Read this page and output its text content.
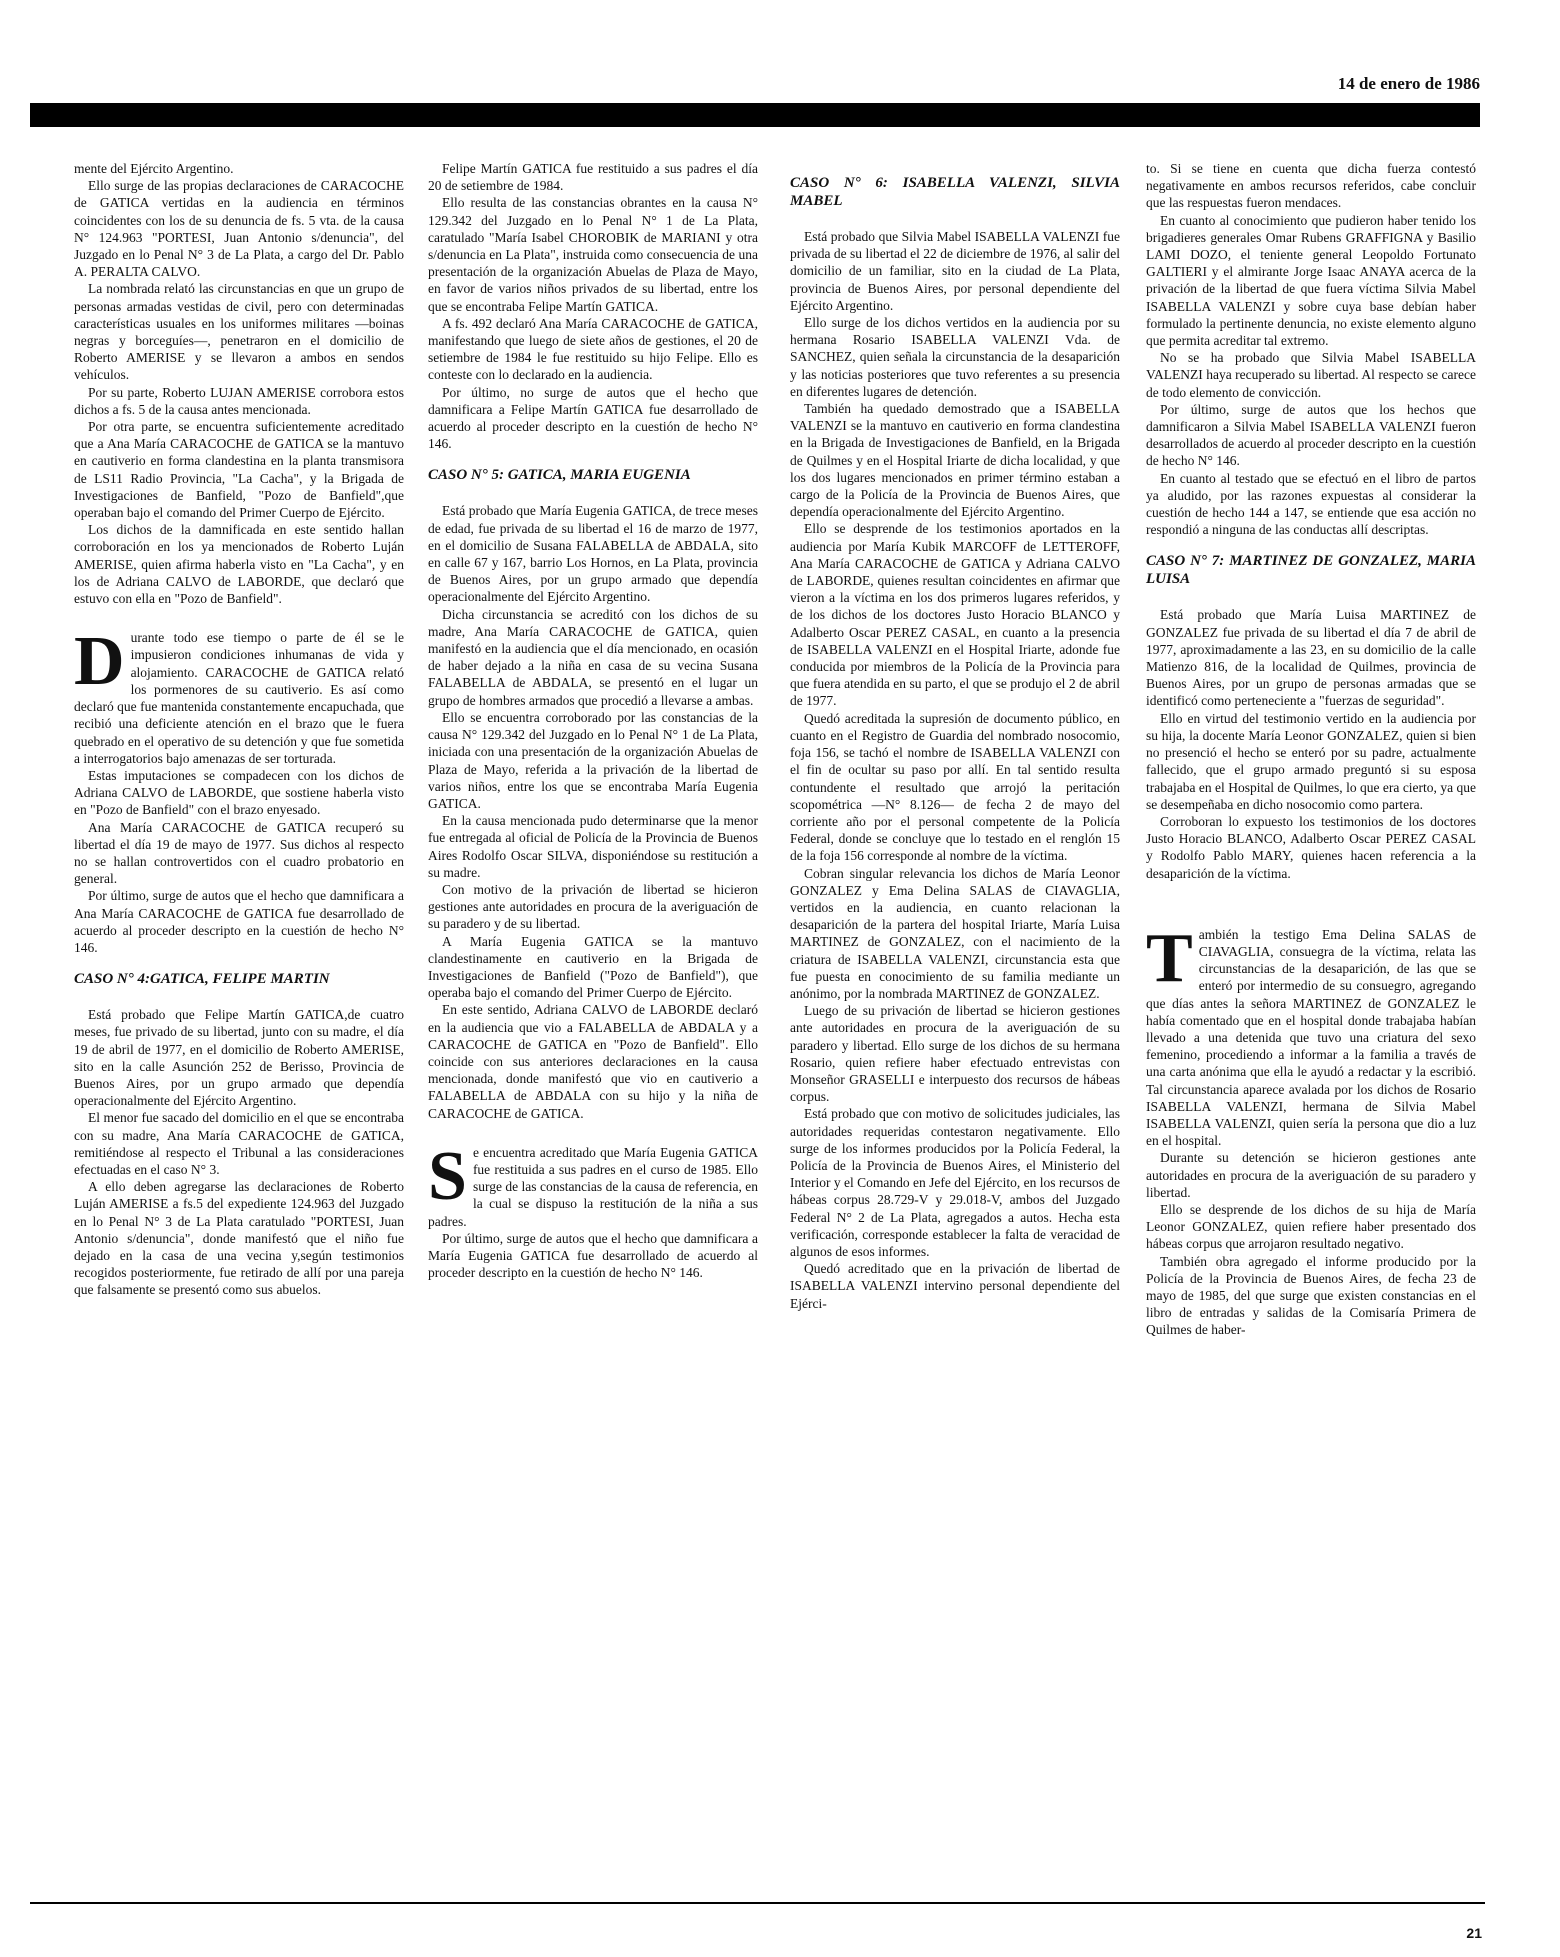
14 de enero de 1986

mente del Ejército Argentino.

Ello surge de las propias declaraciones de CARACOCHE de GATICA vertidas en la audiencia en términos coincidentes con los de su denuncia de fs. 5 vta. de la causa N° 124.963 "PORTESI, Juan Antonio s/denuncia", del Juzgado en lo Penal N° 3 de La Plata, a cargo del Dr. Pablo A. PERALTA CALVO.

La nombrada relató las circunstancias en que un grupo de personas armadas vestidas de civil, pero con determinadas características usuales en los uniformes militares —boinas negras y borceguíes—, penetraron en el domicilio de Roberto AMERISE y se llevaron a ambos en sendos vehículos.

Por su parte, Roberto LUJAN AMERISE corrobora estos dichos a fs. 5 de la causa antes mencionada.

Por otra parte, se encuentra suficientemente acreditado que a Ana María CARACOCHE de GATICA se la mantuvo en cautiverio en forma clandestina en la planta transmisora de LS11 Radio Provincia, "La Cacha", y la Brigada de Investigaciones de Banfield, "Pozo de Banfield",que operaban bajo el comando del Primer Cuerpo de Ejército.

Los dichos de la damnificada en este sentido hallan corroboración en los ya mencionados de Roberto Luján AMERISE, quien afirma haberla visto en "La Cacha", y en los de Adriana CALVO de LABORDE, que declaró que estuvo con ella en "Pozo de Banfield".

Durante todo ese tiempo o parte de él se le impusieron condiciones inhumanas de vida y alojamiento. CARACOCHE de GATICA relató los pormenores de su cautiverio. Es así como declaró que fue mantenida constantemente encapuchada, que recibió una deficiente atención en el brazo que le fuera quebrado en el operativo de su detención y que fue sometida a interrogatorios bajo amenazas de ser torturada.

Estas imputaciones se compadecen con los dichos de Adriana CALVO de LABORDE, que sostiene haberla visto en "Pozo de Banfield" con el brazo enyesado.

Ana María CARACOCHE de GATICA recuperó su libertad el día 19 de mayo de 1977. Sus dichos al respecto no se hallan controvertidos con el cuadro probatorio en general.

Por último, surge de autos que el hecho que damnificara a Ana María CARACOCHE de GATICA fue desarrollado de acuerdo al proceder descripto en la cuestión de hecho N° 146.

CASO N° 4:GATICA, FELIPE MARTIN

Está probado que Felipe Martín GATICA,de cuatro meses, fue privado de su libertad, junto con su madre, el día 19 de abril de 1977, en el domicilio de Roberto AMERISE, sito en la calle Asunción 252 de Berisso, Provincia de Buenos Aires, por un grupo armado que dependía operacionalmente del Ejército Argentino.

El menor fue sacado del domicilio en el que se encontraba con su madre, Ana María CARACOCHE de GATICA, remitiéndose al respecto el Tribunal a las consideraciones efectuadas en el caso N° 3.

A ello deben agregarse las declaraciones de Roberto Luján AMERISE a fs.5 del expediente 124.963 del Juzgado en lo Penal N° 3 de La Plata caratulado "PORTESI, Juan Antonio s/denuncia", donde manifestó que el niño fue dejado en la casa de una vecina y,según testimonios recogidos posteriormente, fue retirado de allí por una pareja que falsamente se presentó como sus abuelos.

Felipe Martín GATICA fue restituido a sus padres el día 20 de setiembre de 1984.

Ello resulta de las constancias obrantes en la causa N° 129.342 del Juzgado en lo Penal N° 1 de La Plata, caratulado "María Isabel CHOROBIK de MARIANI y otra s/denuncia en La Plata", instruida como consecuencia de una presentación de la organización Abuelas de Plaza de Mayo, en favor de varios niños privados de su libertad, entre los que se encontraba Felipe Martín GATICA.

A fs. 492 declaró Ana María CARACOCHE de GATICA, manifestando que luego de siete años de gestiones, el 20 de setiembre de 1984 le fue restituido su hijo Felipe. Ello es conteste con lo declarado en la audiencia.

Por último, no surge de autos que el hecho que damnificara a Felipe Martín GATICA fue desarrollado de acuerdo al proceder descripto en la cuestión de hecho N° 146.

CASO N° 5: GATICA, MARIA EUGENIA

Está probado que María Eugenia GATICA, de trece meses de edad, fue privada de su libertad el 16 de marzo de 1977, en el domicilio de Susana FALABELLA de ABDALA, sito en calle 67 y 167, barrio Los Hornos, en La Plata, provincia de Buenos Aires, por un grupo armado que dependía operacionalmente del Ejército Argentino.

Dicha circunstancia se acreditó con los dichos de su madre, Ana María CARACOCHE de GATICA, quien manifestó en la audiencia que el día mencionado, en ocasión de haber dejado a la niña en casa de su vecina Susana FALABELLA de ABDALA, se presentó en el lugar un grupo de hombres armados que procedió a llevarse a ambas.

Ello se encuentra corroborado por las constancias de la causa N° 129.342 del Juzgado en lo Penal N° 1 de La Plata, iniciada con una presentación de la organización Abuelas de Plaza de Mayo, referida a la privación de la libertad de varios niños, entre los que se encontraba María Eugenia GATICA.

En la causa mencionada pudo determinarse que la menor fue entregada al oficial de Policía de la Provincia de Buenos Aires Rodolfo Oscar SILVA, disponiéndose su restitución a su madre.

Con motivo de la privación de libertad se hicieron gestiones ante autoridades en procura de la averiguación de su paradero y de su libertad.

A María Eugenia GATICA se la mantuvo clandestinamente en cautiverio en la Brigada de Investigaciones de Banfield ("Pozo de Banfield"), que operaba bajo el comando del Primer Cuerpo de Ejército.

En este sentido, Adriana CALVO de LABORDE declaró en la audiencia que vio a FALABELLA de ABDALA y a CARACOCHE de GATICA en "Pozo de Banfield". Ello coincide con sus anteriores declaraciones en la causa mencionada, donde manifestó que vio en cautiverio a FALABELLA de ABDALA con su hijo y la niña de CARACOCHE de GATICA.

Se encuentra acreditado que María Eugenia GATICA fue restituida a sus padres en el curso de 1985. Ello surge de las constancias de la causa de referencia, en la cual se dispuso la restitución de la niña a sus padres.

Por último, surge de autos que el hecho que damnificara a María Eugenia GATICA fue desarrollado de acuerdo al proceder descripto en la cuestión de hecho N° 146.

CASO N° 6: ISABELLA VALENZI, SILVIA MABEL

Está probado que Silvia Mabel ISABELLA VALENZI fue privada de su libertad el 22 de diciembre de 1976, al salir del domicilio de un familiar, sito en la ciudad de La Plata, provincia de Buenos Aires, por personal dependiente del Ejército Argentino.

Ello surge de los dichos vertidos en la audiencia por su hermana Rosario ISABELLA VALENZI Vda. de SANCHEZ, quien señala la circunstancia de la desaparición y las noticias posteriores que tuvo referentes a su presencia en diferentes lugares de detención.

También ha quedado demostrado que a ISABELLA VALENZI se la mantuvo en cautiverio en forma clandestina en la Brigada de Investigaciones de Banfield, en la Brigada de Quilmes y en el Hospital Iriarte de dicha localidad, y que los dos lugares mencionados en primer término estaban a cargo de la Policía de la Provincia de Buenos Aires, que dependía operacionalmente del Ejército Argentino.

Ello se desprende de los testimonios aportados en la audiencia por María Kubik MARCOFF de LETTEROFF, Ana María CARACOCHE de GATICA y Adriana CALVO de LABORDE, quienes resultan coincidentes en afirmar que vieron a la víctima en los dos primeros lugares referidos, y de los dichos de los doctores Justo Horacio BLANCO y Adalberto Oscar PEREZ CASAL, en cuanto a la presencia de ISABELLA VALENZI en el Hospital Iriarte, adonde fue conducida por miembros de la Policía de la Provincia para que fuera atendida en su parto, el que se produjo el 2 de abril de 1977.

Quedó acreditada la supresión de documento público, en cuanto en el Registro de Guardia del nombrado nosocomio, foja 156, se tachó el nombre de ISABELLA VALENZI con el fin de ocultar su paso por allí. En tal sentido resulta contundente el resultado que arrojó la peritación scopométrica —N° 8.126— de fecha 2 de mayo del corriente año por el personal competente de la Policía Federal, donde se concluye que lo testado en el renglón 15 de la foja 156 corresponde al nombre de la víctima.

Cobran singular relevancia los dichos de María Leonor GONZALEZ y Ema Delina SALAS de CIAVAGLIA, vertidos en la audiencia, en cuanto relacionan la desaparición de la partera del hospital Iriarte, María Luisa MARTINEZ de GONZALEZ, con el nacimiento de la criatura de ISABELLA VALENZI, circunstancia esta que fue puesta en conocimiento de su familia mediante un anónimo, por la nombrada MARTINEZ de GONZALEZ.

Luego de su privación de libertad se hicieron gestiones ante autoridades en procura de la averiguación de su paradero y libertad. Ello surge de los dichos de su hermana Rosario, quien refiere haber efectuado entrevistas con Monseñor GRASELLI e interpuesto dos recursos de hábeas corpus.

Está probado que con motivo de solicitudes judiciales, las autoridades requeridas contestaron negativamente. Ello surge de los informes producidos por la Policía Federal, la Policía de la Provincia de Buenos Aires, el Ministerio del Interior y el Comando en Jefe del Ejército, en los recursos de hábeas corpus 28.729-V y 29.018-V, ambos del Juzgado Federal N° 2 de La Plata, agregados a autos. Hecha esta verificación, corresponde establecer la falta de veracidad de algunos de esos informes.

Quedó acreditado que en la privación de libertad de ISABELLA VALENZI intervino personal dependiente del Ejérci-

to. Si se tiene en cuenta que dicha fuerza contestó negativamente en ambos recursos referidos, cabe concluir que las respuestas fueron mendaces.

En cuanto al conocimiento que pudieron haber tenido los brigadieres generales Omar Rubens GRAFFIGNA y Basilio LAMI DOZO, el teniente general Leopoldo Fortunato GALTIERI y el almirante Jorge Isaac ANAYA acerca de la privación de la libertad de que fuera víctima Silvia Mabel ISABELLA VALENZI y sobre cuya base debían haber formulado la pertinente denuncia, no existe elemento alguno que permita acreditar tal extremo.

No se ha probado que Silvia Mabel ISABELLA VALENZI haya recuperado su libertad. Al respecto se carece de todo elemento de convicción.

Por último, surge de autos que los hechos que damnificaron a Silvia Mabel ISABELLA VALENZI fueron desarrollados de acuerdo al proceder descripto en la cuestión de hecho N° 146.

En cuanto al testado que se efectuó en el libro de partos ya aludido, por las razones expuestas al considerar la cuestión de hecho 144 a 147, se entiende que esa acción no respondió a ninguna de las conductas allí descriptas.

CASO N° 7: MARTINEZ DE GONZALEZ, MARIA LUISA

Está probado que María Luisa MARTINEZ de GONZALEZ fue privada de su libertad el día 7 de abril de 1977, aproximadamente a las 23, en su domicilio de la calle Matienzo 816, de la localidad de Quilmes, provincia de Buenos Aires, por un grupo de personas armadas que se identificó como perteneciente a "fuerzas de seguridad".

Ello en virtud del testimonio vertido en la audiencia por su hija, la docente María Leonor GONZALEZ, quien si bien no presenció el hecho se enteró por su padre, actualmente fallecido, que el grupo armado preguntó si su esposa trabajaba en el Hospital de Quilmes, lo que era cierto, ya que se desempeñaba en dicho nosocomio como partera.

Corroboran lo expuesto los testimonios de los doctores Justo Horacio BLANCO, Adalberto Oscar PEREZ CASAL y Rodolfo Pablo MARY, quienes hacen referencia a la desaparición de la víctima.

También la testigo Ema Delina SALAS de CIAVAGLIA, consuegra de la víctima, relata las circunstancias de la desaparición, de las que se enteró por intermedio de su consuegro, agregando que días antes la señora MARTINEZ de GONZALEZ le había comentado que en el hospital donde trabajaba habían llevado a una detenida que tuvo una criatura del sexo femenino, procediendo a informar a la familia a través de una carta anónima que ella le ayudó a redactar y la escribió. Tal circunstancia aparece avalada por los dichos de Rosario ISABELLA VALENZI, hermana de Silvia Mabel ISABELLA VALENZI, quien sería la persona que dio a luz en el hospital.

Durante su detención se hicieron gestiones ante autoridades en procura de la averiguación de su paradero y libertad.

Ello se desprende de los dichos de su hija de María Leonor GONZALEZ, quien refiere haber presentado dos hábeas corpus que arrojaron resultado negativo.

También obra agregado el informe producido por la Policía de la Provincia de Buenos Aires, de fecha 23 de mayo de 1985, del que surge que existen constancias en el libro de entradas y salidas de la Comisaría Primera de Quilmes de haber-

21
